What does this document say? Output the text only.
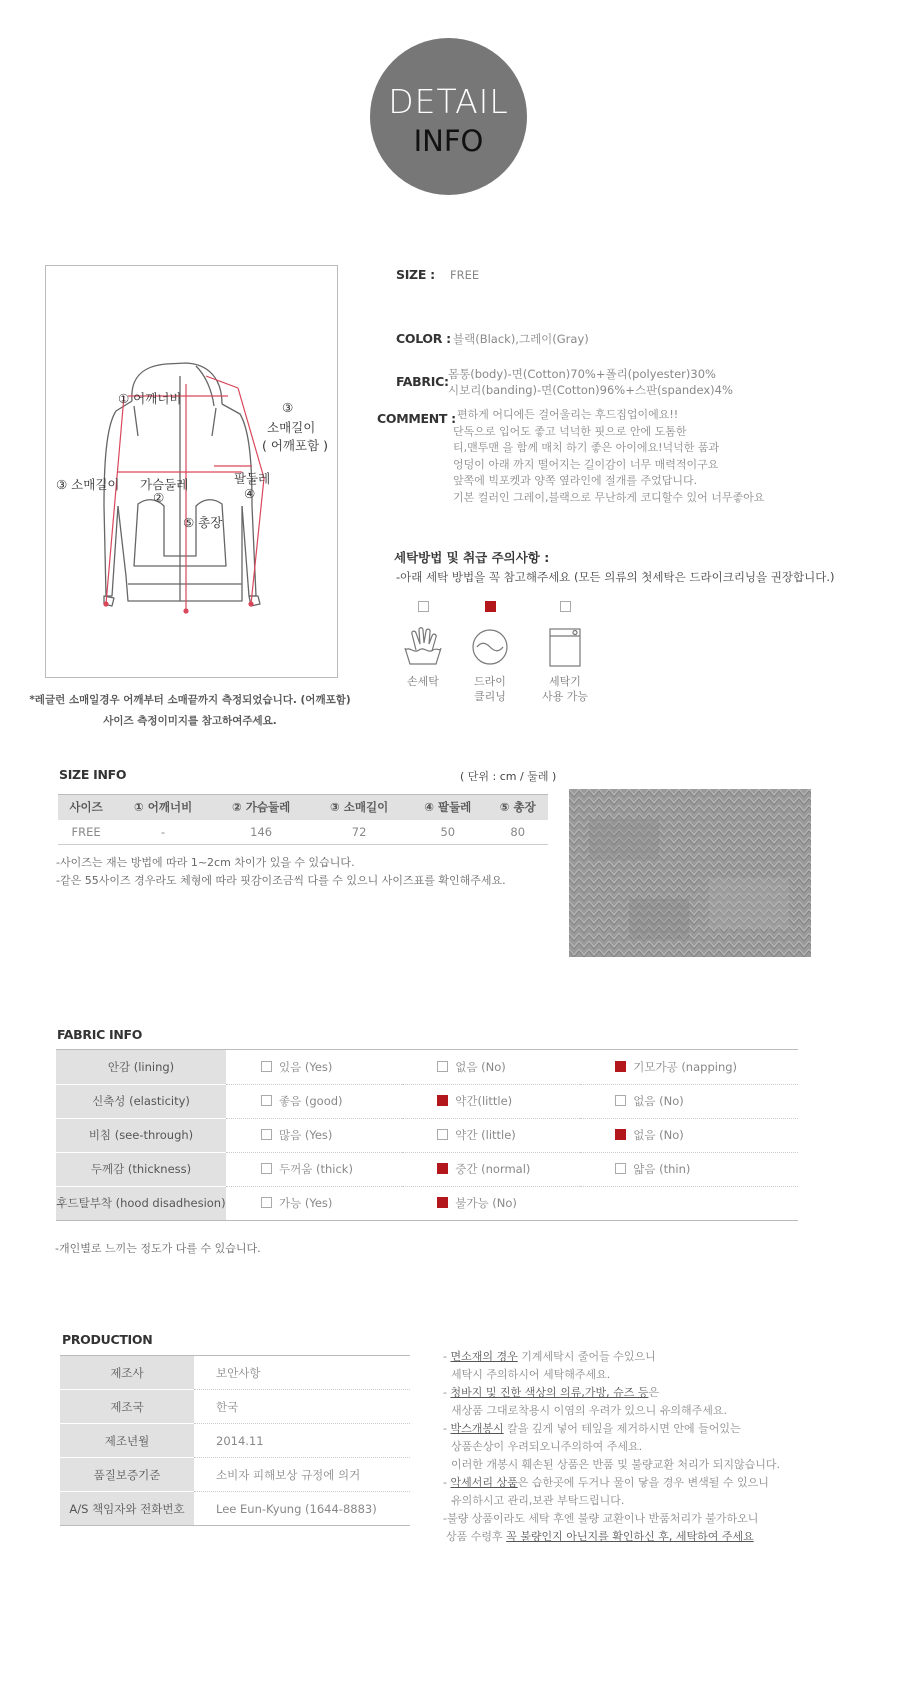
DETAIL
INFO
① 어깨너비
③
소매길이
( 어깨포함 )
③ 소매길이 가슴둘레
②
팔둘레
④
⑤ 총장
*레글런 소매일경우 어깨부터 소매끝까지 측정되었습니다. (어깨포함)
사이즈 측정이미지를 참고하여주세요.
SIZE : FREE
COLOR : 블랙(Black),그레이(Gray)
FABRIC: 몸통(body)-면(Cotton)70%+폴리(polyester)30%
시보리(banding)-면(Cotton)96%+스판(spandex)4%
COMMENT : 편하게 어디에든 걸어울리는 후드집업이에요!!
단독으로 입어도 좋고 넉넉한 핏으로 안에 도톰한
티,맨투맨 을 함께 매치 하기 좋은 아이에요!넉넉한 품과
엉덩이 아래 까지 떨어지는 길이감이 너무 매력적이구요
앞쪽에 빅포켓과 양쪽 옆라인에 절개를 주었답니다.
기본 컬러인 그레이,블랙으로 무난하게 코디할수 있어 너무좋아요
세탁방법 및 취급 주의사항 :
-아래 세탁 방법을 꼭 참고해주세요 (모든 의류의 첫세탁은 드라이크리닝을 권장합니다.)
손세탁	드라이
클리닝
세탁기
사용 가능
SIZE INFO	( 단위 : cm / 둘레 )
사이즈	① 어깨너비	② 가슴둘레	③ 소매길이	④ 팔둘레	⑤ 총장
FREE	-	146	72	50	80
-사이즈는 재는 방법에 따라 1~2cm 차이가 있을 수 있습니다.
-같은 55사이즈 경우라도 체형에 따라 핏감이조금씩 다를 수 있으니 사이즈표를 확인해주세요.
FABRIC INFO
안감 (lining)	있음 (Yes)	없음 (No)	기모가공 (napping)
신축성 (elasticity)	좋음 (good)	약간(little)	없음 (No)
비침 (see-through)	많음 (Yes)	약간 (little)	없음 (No)
두께감 (thickness)	두꺼움 (thick)	중간 (normal)	얇음 (thin)
후드탈부착 (hood disadhesion)	가능 (Yes)	불가능 (No)	
-개인별로 느끼는 정도가 다를 수 있습니다.
PRODUCTION
제조사	보안사항
제조국	한국
제조년월	2014.11
품질보증기준	소비자 피해보상 규정에 의거
A/S 책임자와 전화번호	Lee Eun-Kyung (1644-8883)
- 면소재의 경우 기계세탁시 줄어들 수있으니
세탁시 주의하시어 세탁해주세요.
- 청바지 및 진한 색상의 의류,가방, 슈즈 등은
새상품 그대로착용시 이염의 우려가 있으니 유의해주세요.
- 박스개봉시 칼을 깊게 넣어 테잎을 제거하시면 안에 들어있는
상품손상이 우려되오니주의하여 주세요.
이러한 개봉시 훼손된 상품은 반품 및 불량교환 처리가 되지않습니다.
- 악세서리 상품은 습한곳에 두거나 물이 닿을 경우 변색될 수 있으니
유의하시고 관리,보관 부탁드립니다.
-불량 상품이라도 세탁 후엔 불량 교환이나 반품처리가 불가하오니
상품 수령후 꼭 불량인지 아닌지를 확인하신 후, 세탁하여 주세요
